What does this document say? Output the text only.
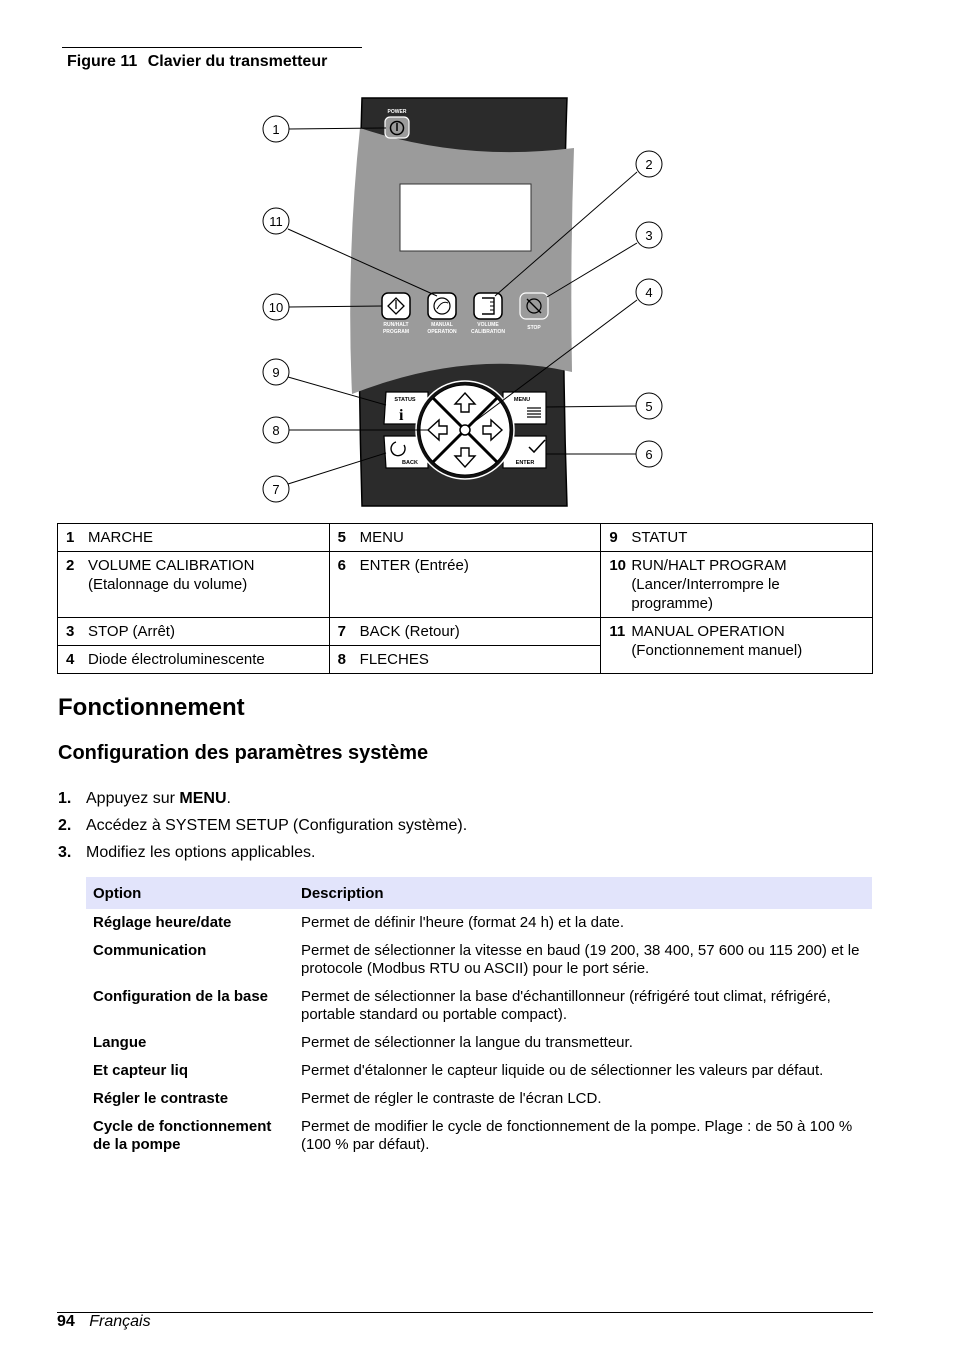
Figure 11 Clavier du transmetteur
POWER
RUN/HALT
PROGRAM
MANUAL
OPERATION
VOLUME
CALIBRATION
STOP
STATUS
i
MENU
BACK	ENTER
1
2
3
4
5
6
7
8
9
10
11
1 MARCHE	5 MENU	9 STATUT
2 VOLUME CALIBRATION (Etalonnage du volume)	6 ENTER (Entrée)	10 RUN/HALT PROGRAM (Lancer/Interrompre le programme)
3 STOP (Arrêt)	7 BACK (Retour)	11 MANUAL OPERATION (Fonctionnement manuel)
4 Diode électroluminescente	8 FLECHES	
Fonctionnement
Configuration des paramètres système
1. Appuyez sur MENU.
2. Accédez à SYSTEM SETUP (Configuration système).
3. Modifiez les options applicables.
Option	Description
Réglage heure/date	Permet de définir l'heure (format 24 h) et la date.
Communication	Permet de sélectionner la vitesse en baud (19 200, 38 400, 57 600 ou 115 200) et le protocole (Modbus RTU ou ASCII) pour le port série.
Configuration de la base	Permet de sélectionner la base d'échantillonneur (réfrigéré tout climat, réfrigéré, portable standard ou portable compact).
Langue	Permet de sélectionner la langue du transmetteur.
Et capteur liq	Permet d'étalonner le capteur liquide ou de sélectionner les valeurs par défaut.
Régler le contraste	Permet de régler le contraste de l'écran LCD.
Cycle de fonctionnement de la pompe	Permet de modifier le cycle de fonctionnement de la pompe. Plage : de 50 à 100 % (100 % par défaut).
94 Français
